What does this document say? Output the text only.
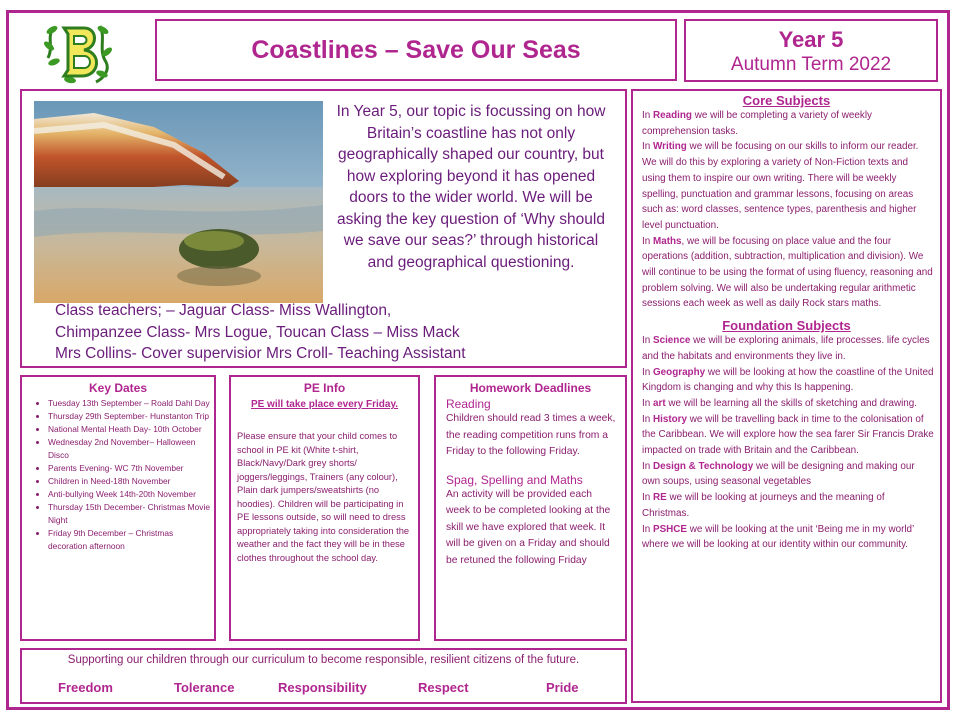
Coastlines – Save Our Seas	Year 5
Autumn Term 2022
In Year 5, our topic is focussing on how Britain’s coastline has not only geographically shaped our country, but how exploring beyond it has opened doors to the wider world. We will be asking the key question of ‘Why should we save our seas?’ through historical and geographical questioning.
Class teachers; – Jaguar Class- Miss Wallington,
Chimpanzee Class- Mrs Logue, Toucan Class – Miss Mack
Mrs Collins- Cover supervisior Mrs Croll- Teaching Assistant
Key Dates
• Tuesday 13th September – Roald Dahl Day
• Thursday 29th September- Hunstanton Trip
• National Mental Heath Day- 10th October
• Wednesday 2nd November– Halloween Disco
• Parents Evening- WC 7th November
• Children in Need-18th November
• Anti-bullying Week 14th-20th November
• Thursday 15th December- Christmas Movie Night
• Friday 9th December – Christmas decoration afternoon
PE Info
PE will take place every Friday.
Please ensure that your child comes to school in PE kit (White t-shirt, Black/Navy/Dark grey shorts/ joggers/leggings, Trainers (any colour), Plain dark jumpers/sweatshirts (no hoodies). Children will be participating in PE lessons outside, so will need to dress appropriately taking into consideration the weather and the fact they will be in these clothes throughout the school day.
Homework Deadlines
Reading
Children should read 3 times a week, the reading competition runs from a Friday to the following Friday.
Spag, Spelling and Maths
An activity will be provided each week to be completed looking at the skill we have explored that week. It will be given on a Friday and should be retuned the following Friday
Supporting our children through our curriculum to become responsible, resilient citizens of the future.
Freedom	Tolerance	Responsibility	Respect	Pride
Core Subjects
In Reading we will be completing a variety of weekly comprehension tasks.
In Writing we will be focusing on our skills to inform our reader. We will do this by exploring a variety of Non-Fiction texts and using them to inspire our own writing. There will be weekly spelling, punctuation and grammar lessons, focusing on areas such as: word classes, sentence types, parenthesis and higher level punctuation.
In Maths, we will be focusing on place value and the four operations (addition, subtraction, multiplication and division). We will continue to be using the format of using fluency, reasoning and problem solving. We will also be undertaking regular arithmetic sessions each week as well as daily Rock stars maths.
Foundation Subjects
In Science we will be exploring animals, life processes. life cycles and the habitats and environments they live in.
In Geography we will be looking at how the coastline of the United Kingdom is changing and why this Is happening.
In art we will be learning all the skills of sketching and drawing.
In History we will be travelling back in time to the colonisation of the Caribbean. We will explore how the sea farer Sir Francis Drake impacted on trade with Britain and the Caribbean.
In Design & Technology we will be designing and making our own soups, using seasonal vegetables
In RE we will be looking at journeys and the meaning of Christmas.
In PSHCE we will be looking at the unit ‘Being me in my world’ where we will be looking at our identity within our community.
